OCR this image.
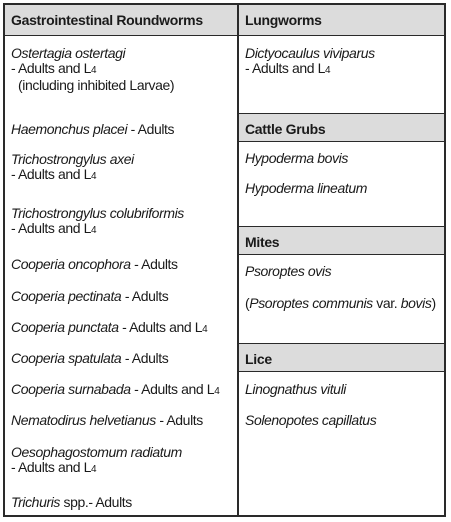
Gastrointestinal Roundworms
Ostertagia ostertagi
- Adults and L4
(including inhibited Larvae)
Haemonchus placei - Adults
Trichostrongylus axei
- Adults and L4
Trichostrongylus colubriformis
- Adults and L4
Cooperia oncophora - Adults
Cooperia pectinata - Adults
Cooperia punctata - Adults and L4
Cooperia spatulata - Adults
Cooperia surnabada - Adults and L4
Nematodirus helvetianus - Adults
Oesophagostomum radiatum
- Adults and L4
Trichuris spp.- Adults
Lungworms
Dictyocaulus viviparus
- Adults and L4
Cattle Grubs
Hypoderma bovis
Hypoderma lineatum
Mites
Psoroptes ovis
(Psoroptes communis var. bovis)
Lice
Linognathus vituli
Solenopotes capillatus
